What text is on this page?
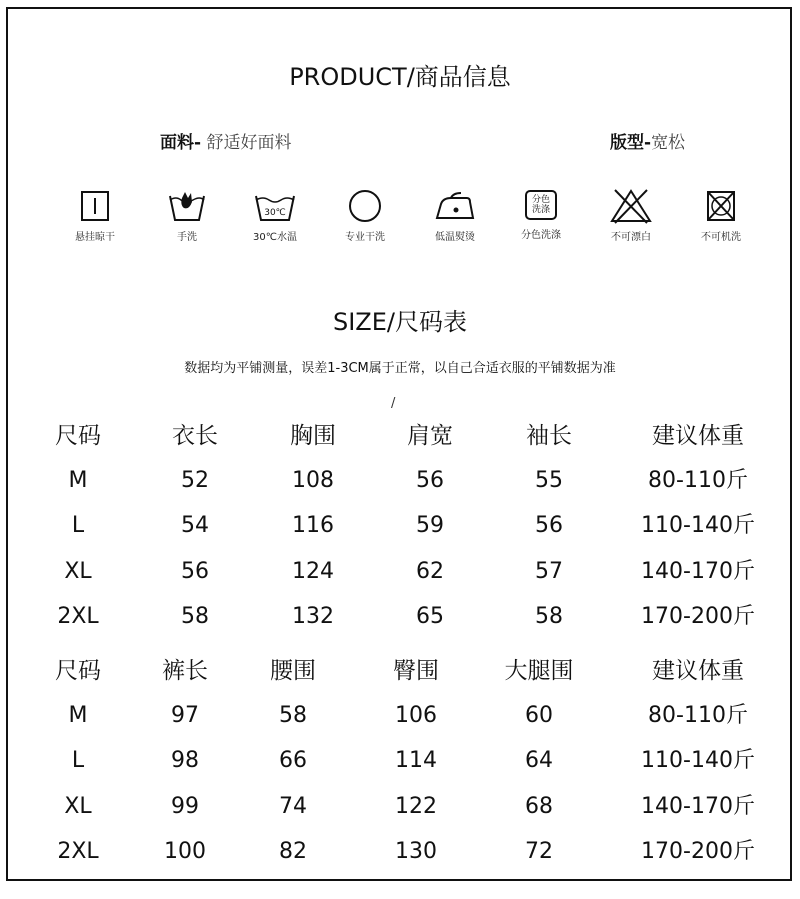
PRODUCT/商品信息
面料- 舒适好面料	版型-宽松
悬挂晾干	手洗
30℃
30℃水温	专业干洗	低温熨烫
分色洗涤
分色洗涤	不可漂白	不可机洗
SIZE/尺码表
数据均为平铺测量，误差1-3CM属于正常，以自己合适衣服的平铺数据为准
/
尺码	衣长	胸围	肩宽	袖长	建议体重
M	52	108	56	55	80-110斤
L	54	116	59	56	110-140斤
XL	56	124	62	57	140-170斤
2XL	58	132	65	58	170-200斤
尺码	裤长	腰围	臀围	大腿围	建议体重
M	97	58	106	60	80-110斤
L	98	66	114	64	110-140斤
XL	99	74	122	68	140-170斤
2XL	100	82	130	72	170-200斤
